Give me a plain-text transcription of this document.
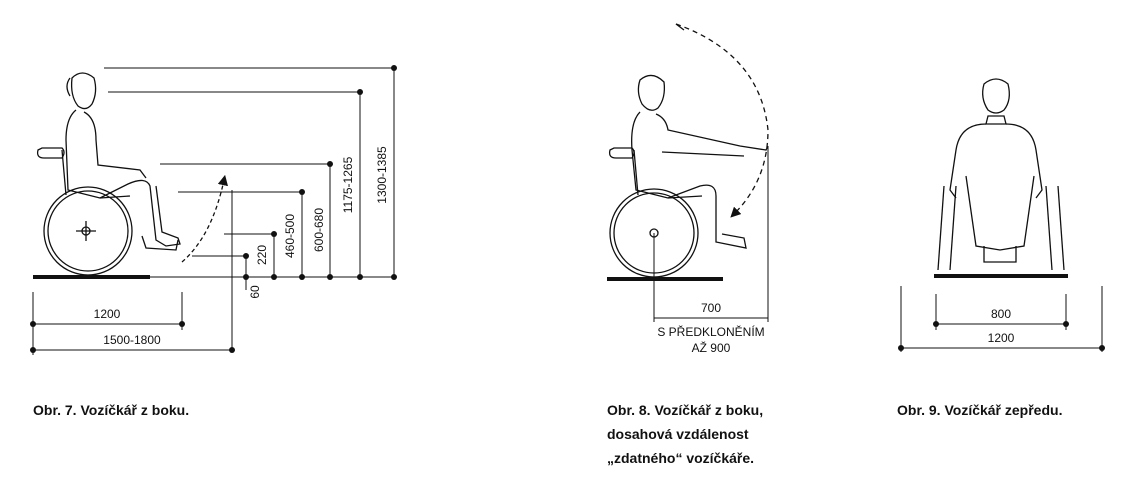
1200
1500-1800
60
220 460-500 600-680
1175-1265 1300-1385
700
S PŘEDKLONĚNÍM
AŽ 900
800
1200
Obr. 7. Vozíčkář z boku.	Obr. 8. Vozíčkář z boku,
dosahová vzdálenost
„zdatného“ vozíčkáře.
Obr. 9. Vozíčkář zepředu.
